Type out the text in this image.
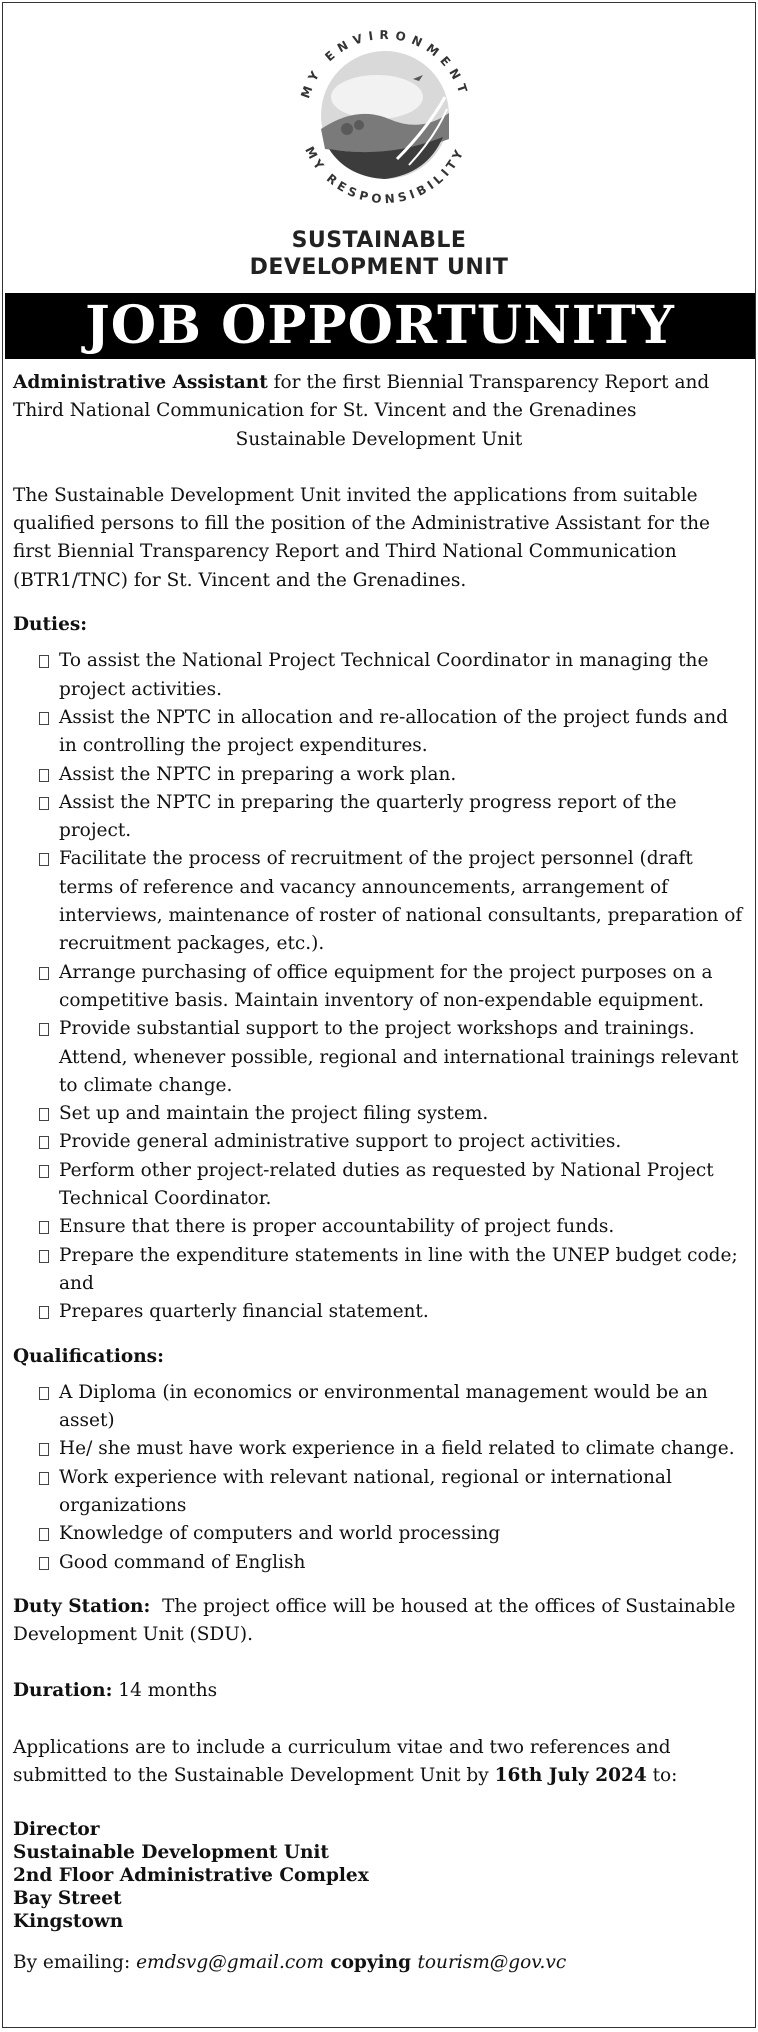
MY ENVIRONMENT
MY RESPONSIBILITY
SUSTAINABLE
DEVELOPMENT UNIT
JOB OPPORTUNITY

Administrative Assistant for the first Biennial Transparency Report and Third National Communication for St. Vincent and the Grenadines

Sustainable Development Unit

The Sustainable Development Unit invited the applications from suitable qualified persons to fill the position of the Administrative Assistant for the first Biennial Transparency Report and Third National Communication (BTR1/TNC) for St. Vincent and the Grenadines.

Duties:

To assist the National Project Technical Coordinator in managing the project activities.
Assist the NPTC in allocation and re-allocation of the project funds and in controlling the project expenditures.
Assist the NPTC in preparing a work plan.
Assist the NPTC in preparing the quarterly progress report of the project.
Facilitate the process of recruitment of the project personnel (draft terms of reference and vacancy announcements, arrangement of interviews, maintenance of roster of national consultants, preparation of recruitment packages, etc.).
Arrange purchasing of office equipment for the project purposes on a competitive basis. Maintain inventory of non-expendable equipment.
Provide substantial support to the project workshops and trainings. Attend, whenever possible, regional and international trainings relevant to climate change.
Set up and maintain the project filing system.
Provide general administrative support to project activities.
Perform other project-related duties as requested by National Project Technical Coordinator.
Ensure that there is proper accountability of project funds.
Prepare the expenditure statements in line with the UNEP budget code; and
Prepares quarterly financial statement.

Qualifications:

A Diploma (in economics or environmental management would be an asset)
He/ she must have work experience in a field related to climate change.
Work experience with relevant national, regional or international organizations
Knowledge of computers and world processing
Good command of English

Duty Station:  The project office will be housed at the offices of Sustainable Development Unit (SDU).

Duration: 14 months

Applications are to include a curriculum vitae and two references and submitted to the Sustainable Development Unit by 16th July 2024 to:

Director
Sustainable Development Unit
2nd Floor Administrative Complex
Bay Street
Kingstown

By emailing: emdsvg@gmail.com copying tourism@gov.vc
